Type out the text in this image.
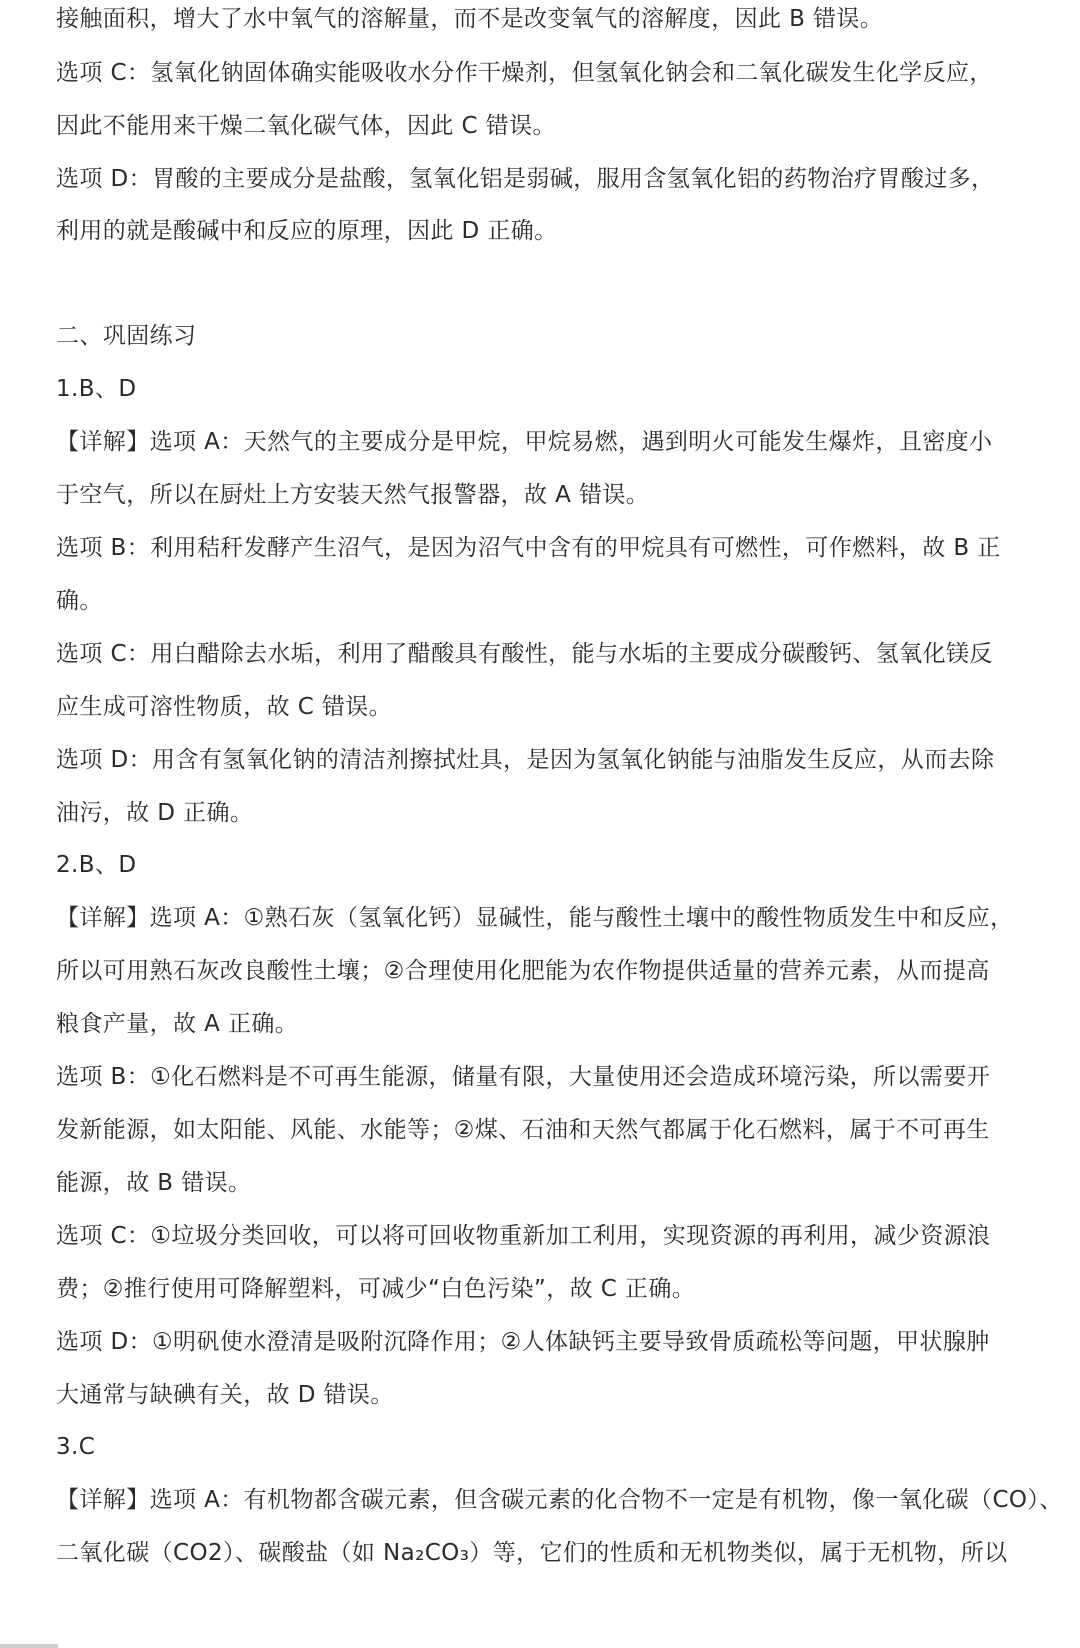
接触面积，增大了水中氧气的溶解量，而不是改变氧气的溶解度，因此 B 错误。
选项 C：氢氧化钠固体确实能吸收水分作干燥剂，但氢氧化钠会和二氧化碳发生化学反应，
因此不能用来干燥二氧化碳气体，因此 C 错误。
选项 D：胃酸的主要成分是盐酸，氢氧化铝是弱碱，服用含氢氧化铝的药物治疗胃酸过多，
利用的就是酸碱中和反应的原理，因此 D 正确。
二、巩固练习
1.B、D
【详解】选项 A：天然气的主要成分是甲烷，甲烷易燃，遇到明火可能发生爆炸，且密度小
于空气，所以在厨灶上方安装天然气报警器，故 A 错误。
选项 B：利用秸秆发酵产生沼气，是因为沼气中含有的甲烷具有可燃性，可作燃料，故 B 正
确。
选项 C：用白醋除去水垢，利用了醋酸具有酸性，能与水垢的主要成分碳酸钙、氢氧化镁反
应生成可溶性物质，故 C 错误。
选项 D：用含有氢氧化钠的清洁剂擦拭灶具，是因为氢氧化钠能与油脂发生反应，从而去除
油污，故 D 正确。
2.B、D
【详解】选项 A：①熟石灰（氢氧化钙）显碱性，能与酸性土壤中的酸性物质发生中和反应，
所以可用熟石灰改良酸性土壤；②合理使用化肥能为农作物提供适量的营养元素，从而提高
粮食产量，故 A 正确。
选项 B：①化石燃料是不可再生能源，储量有限，大量使用还会造成环境污染，所以需要开
发新能源，如太阳能、风能、水能等；②煤、石油和天然气都属于化石燃料，属于不可再生
能源，故 B 错误。
选项 C：①垃圾分类回收，可以将可回收物重新加工利用，实现资源的再利用，减少资源浪
费；②推行使用可降解塑料，可减少“白色污染”，故 C 正确。
选项 D：①明矾使水澄清是吸附沉降作用；②人体缺钙主要导致骨质疏松等问题，甲状腺肿
大通常与缺碘有关，故 D 错误。
3.C
【详解】选项 A：有机物都含碳元素，但含碳元素的化合物不一定是有机物，像一氧化碳（CO）、
二氧化碳（CO2）、碳酸盐（如 Na₂CO₃）等，它们的性质和无机物类似，属于无机物，所以
